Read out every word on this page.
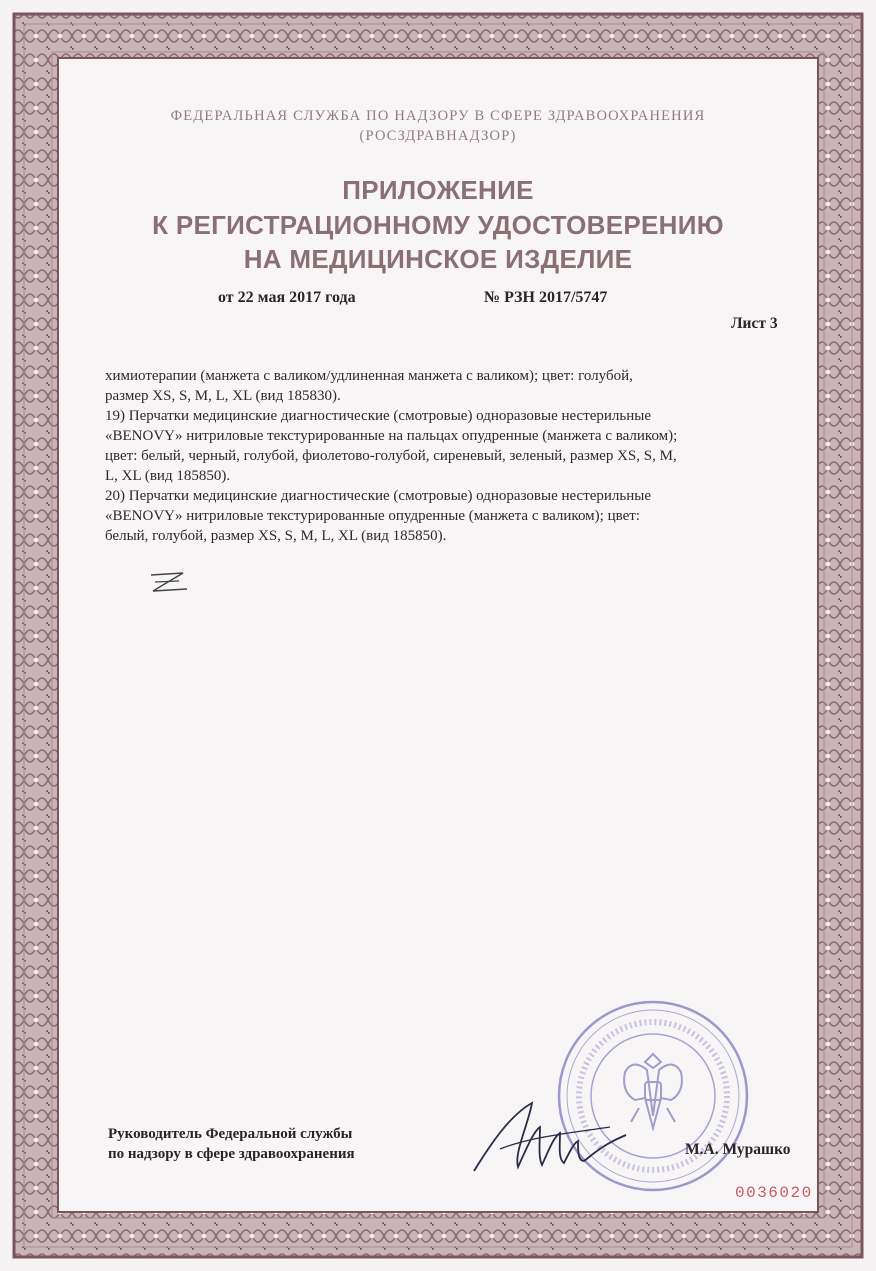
ФЕДЕРАЛЬНАЯ СЛУЖБА ПО НАДЗОРУ В СФЕРЕ ЗДРАВООХРАНЕНИЯ
(РОСЗДРАВНАДЗОР)
ПРИЛОЖЕНИЕ
К РЕГИСТРАЦИОННОМУ УДОСТОВЕРЕНИЮ
НА МЕДИЦИНСКОЕ ИЗДЕЛИЕ
от 22 мая 2017 года	№ РЗН 2017/5747
Лист 3
химиотерапии (манжета с валиком/удлиненная манжета с валиком); цвет: голубой,
размер XS, S, M, L, XL (вид 185830).
19) Перчатки медицинские диагностические (смотровые) одноразовые нестерильные
«BENOVY» нитриловые текстурированные на пальцах опудренные (манжета с валиком);
цвет: белый, черный, голубой, фиолетово-голубой, сиреневый, зеленый, размер XS, S, M,
L, XL (вид 185850).
20) Перчатки медицинские диагностические (смотровые) одноразовые нестерильные
«BENOVY» нитриловые текстурированные опудренные (манжета с валиком); цвет:
белый, голубой, размер XS, S, M, L, XL (вид 185850).
Руководитель Федеральной службы
по надзору в сфере здравоохранения	М.А. Мурашко
0036020
